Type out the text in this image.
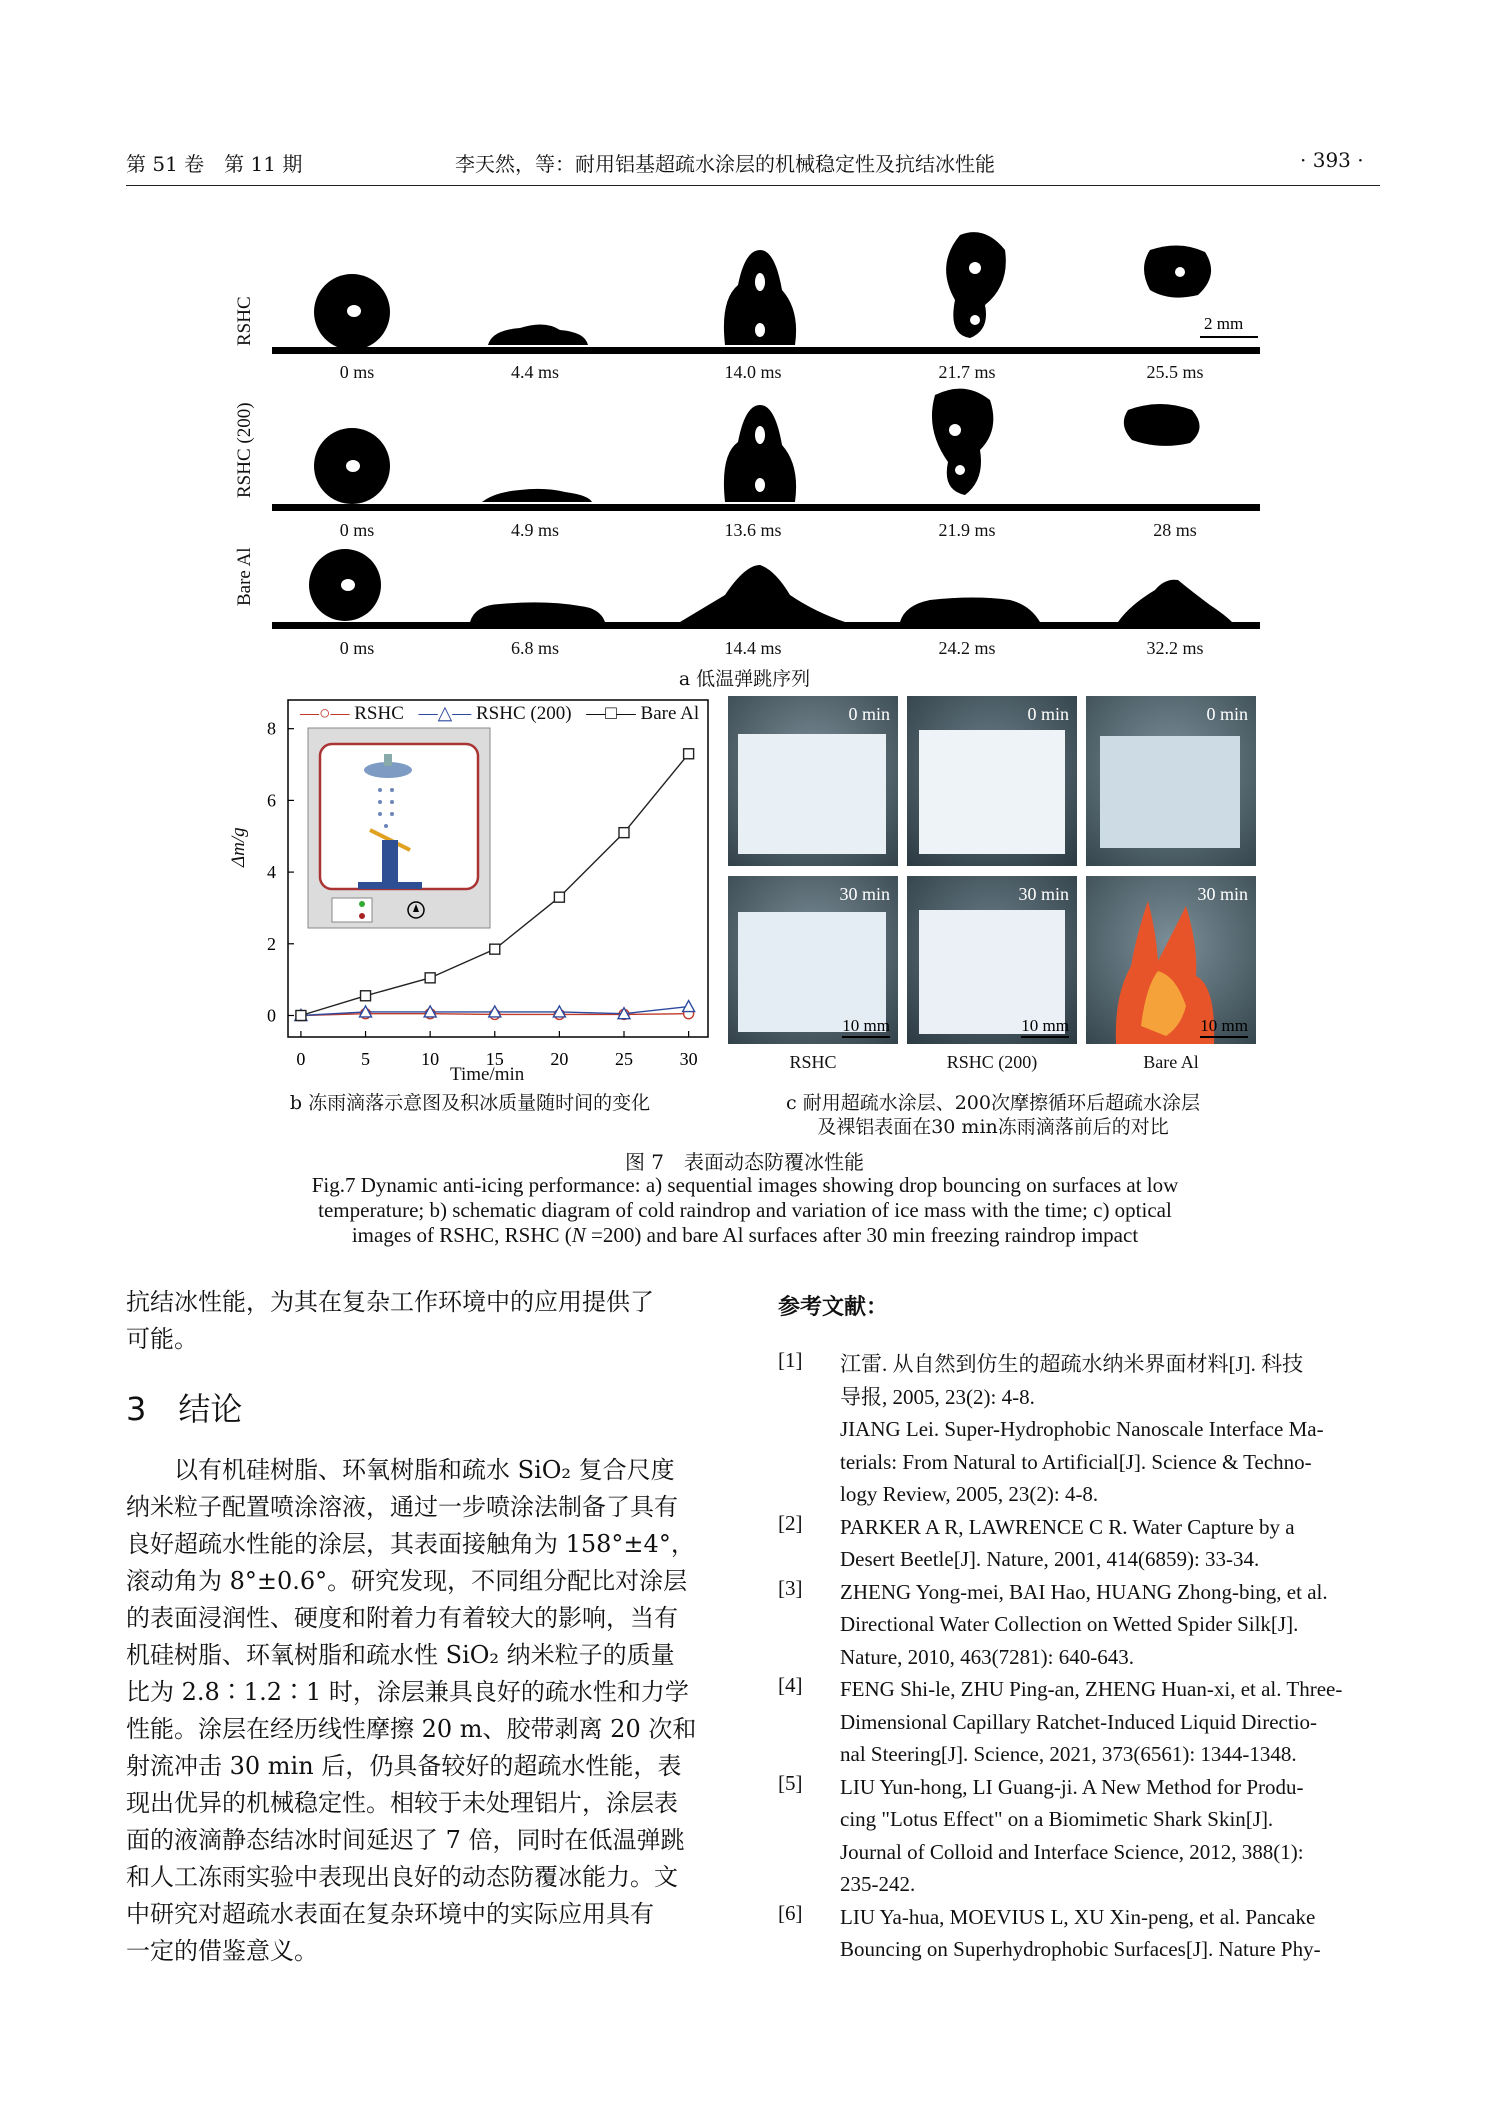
第 51 卷　第 11 期	李天然，等：耐用铝基超疏水涂层的机械稳定性及抗结冰性能	· 393 ·
RSHC
RSHC (200)
Bare Al
2 mm
0 ms	4.4 ms	14.0 ms	21.7 ms	25.5 ms
0 ms	4.9 ms	13.6 ms	21.9 ms	28 ms
0 ms	6.8 ms	14.4 ms	24.2 ms	32.2 ms
a 低温弹跳序列
0	5	10	15	20	25	30
0
2
4
6
8
—○— RSHC —△— RSHC (200) —□— Bare Al
Δm/g
Time/min
b 冻雨滴落示意图及积冰质量随时间的变化
0 min	0 min	0 min
30 min
10 mm
30 min
10 mm
30 min
10 mm
RSHC	RSHC (200)	Bare Al
c 耐用超疏水涂层、200次摩擦循环后超疏水涂层
及裸铝表面在30 min冻雨滴落前后的对比
图 7　表面动态防覆冰性能
Fig.7 Dynamic anti-icing performance: a) sequential images showing drop bouncing on surfaces at low
temperature; b) schematic diagram of cold raindrop and variation of ice mass with the time; c) optical
images of RSHC, RSHC (N =200) and bare Al surfaces after 30 min freezing raindrop impact
抗结冰性能，为其在复杂工作环境中的应用提供了
可能。
3　结论
以有机硅树脂、环氧树脂和疏水 SiO₂ 复合尺度
纳米粒子配置喷涂溶液，通过一步喷涂法制备了具有
良好超疏水性能的涂层，其表面接触角为 158°±4°，
滚动角为 8°±0.6°。研究发现，不同组分配比对涂层
的表面浸润性、硬度和附着力有着较大的影响，当有
机硅树脂、环氧树脂和疏水性 SiO₂ 纳米粒子的质量
比为 2.8∶1.2∶1 时，涂层兼具良好的疏水性和力学
性能。涂层在经历线性摩擦 20 m、胶带剥离 20 次和
射流冲击 30 min 后，仍具备较好的超疏水性能，表
现出优异的机械稳定性。相较于未处理铝片，涂层表
面的液滴静态结冰时间延迟了 7 倍，同时在低温弹跳
和人工冻雨实验中表现出良好的动态防覆冰能力。文
中研究对超疏水表面在复杂环境中的实际应用具有
一定的借鉴意义。
参考文献：
[1] 江雷. 从自然到仿生的超疏水纳米界面材料[J]. 科技
导报, 2005, 23(2): 4-8.
JIANG Lei. Super-Hydrophobic Nanoscale Interface Ma-
terials: From Natural to Artificial[J]. Science & Techno-
logy Review, 2005, 23(2): 4-8.
[2] PARKER A R, LAWRENCE C R. Water Capture by a
Desert Beetle[J]. Nature, 2001, 414(6859): 33-34.
[3] ZHENG Yong-mei, BAI Hao, HUANG Zhong-bing, et al.
Directional Water Collection on Wetted Spider Silk[J].
Nature, 2010, 463(7281): 640-643.
[4] FENG Shi-le, ZHU Ping-an, ZHENG Huan-xi, et al. Three-
Dimensional Capillary Ratchet-Induced Liquid Directio-
nal Steering[J]. Science, 2021, 373(6561): 1344-1348.
[5] LIU Yun-hong, LI Guang-ji. A New Method for Produ-
cing "Lotus Effect" on a Biomimetic Shark Skin[J].
Journal of Colloid and Interface Science, 2012, 388(1):
235-242.
[6] LIU Ya-hua, MOEVIUS L, XU Xin-peng, et al. Pancake
Bouncing on Superhydrophobic Surfaces[J]. Nature Phy-
